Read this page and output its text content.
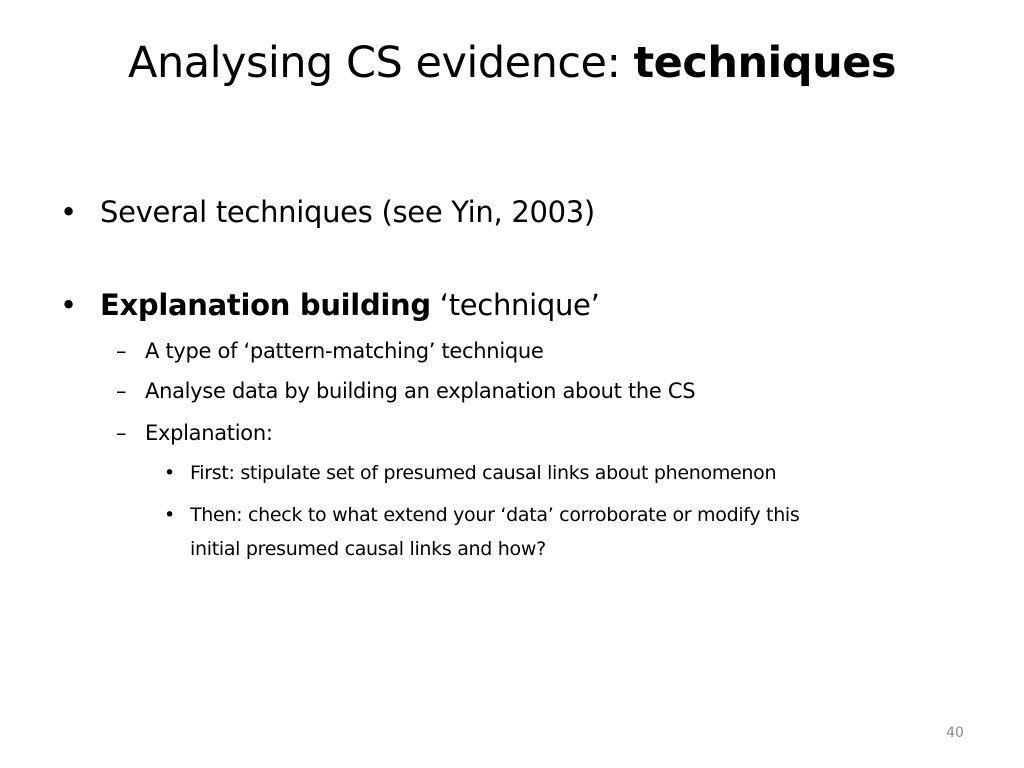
Analysing CS evidence: techniques
• Several techniques (see Yin, 2003)
• Explanation building ‘technique’
– A type of ‘pattern-matching’ technique
– Analyse data by building an explanation about the CS
– Explanation:
• First: stipulate set of presumed causal links about phenomenon
• Then: check to what extend your ‘data’ corroborate or modify this
initial presumed causal links and how?
40
